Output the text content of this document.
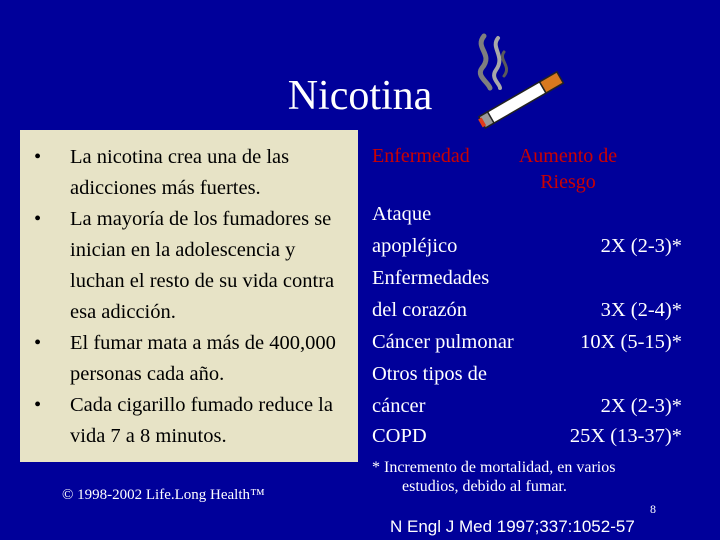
Nicotina
• La nicotina crea una de las adicciones más fuertes.
• La mayoría de los fumadores se inician en la adolescencia y luchan el resto de su vida contra esa adicción.
• El fumar mata a más de 400,000 personas cada año.
• Cada cigarillo fumado reduce la vida 7 a 8 minutos.
© 1998-2002 Life.Long Health™
Enfermedad	Aumento de Riesgo
Ataque
apopléjico	2X (2-3)*
Enfermedades
del corazón	3X (2-4)*
Cáncer pulmonar	10X (5-15)*
Otros tipos de
cáncer	2X (2-3)*
COPD	25X (13-37)*
* Incremento de mortalidad, en varios
estudios, debido al fumar.
8
N Engl J Med 1997;337:1052-57
